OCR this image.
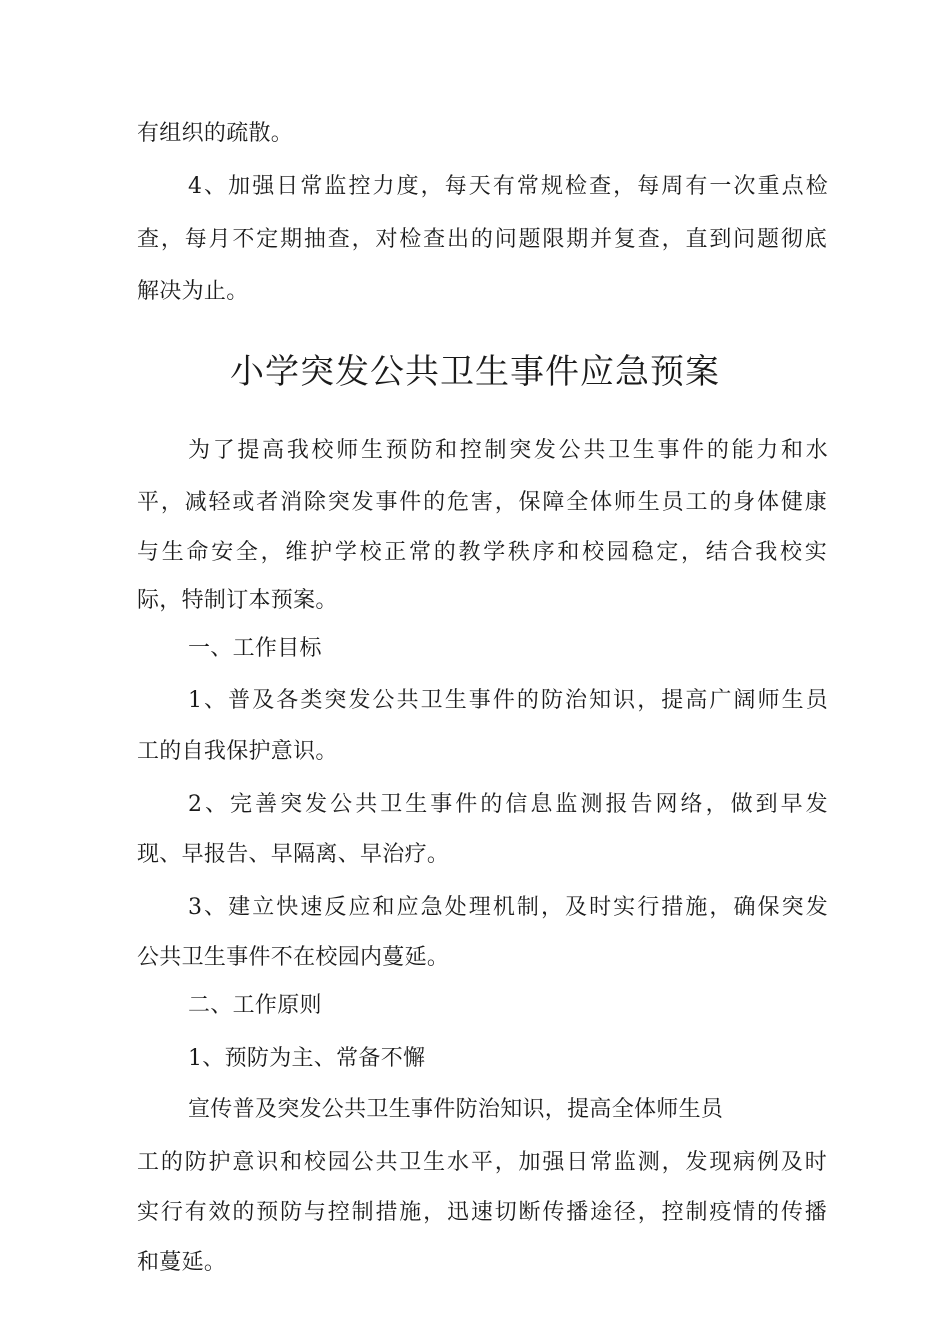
有组织的疏散。
4、加强日常监控力度，每天有常规检查，每周有一次重点检
查，每月不定期抽查，对检查出的问题限期并复查，直到问题彻底
解决为止。
小学突发公共卫生事件应急预案
为了提高我校师生预防和控制突发公共卫生事件的能力和水
平，减轻或者消除突发事件的危害，保障全体师生员工的身体健康
与生命安全，维护学校正常的教学秩序和校园稳定，结合我校实
际，特制订本预案。
一、工作目标
1、普及各类突发公共卫生事件的防治知识，提高广阔师生员
工的自我保护意识。
2、完善突发公共卫生事件的信息监测报告网络，做到早发
现、早报告、早隔离、早治疗。
3、建立快速反应和应急处理机制，及时实行措施，确保突发
公共卫生事件不在校园内蔓延。
二、工作原则
1、预防为主、常备不懈
宣传普及突发公共卫生事件防治知识，提高全体师生员
工的防护意识和校园公共卫生水平，加强日常监测，发现病例及时
实行有效的预防与控制措施，迅速切断传播途径，控制疫情的传播
和蔓延。
